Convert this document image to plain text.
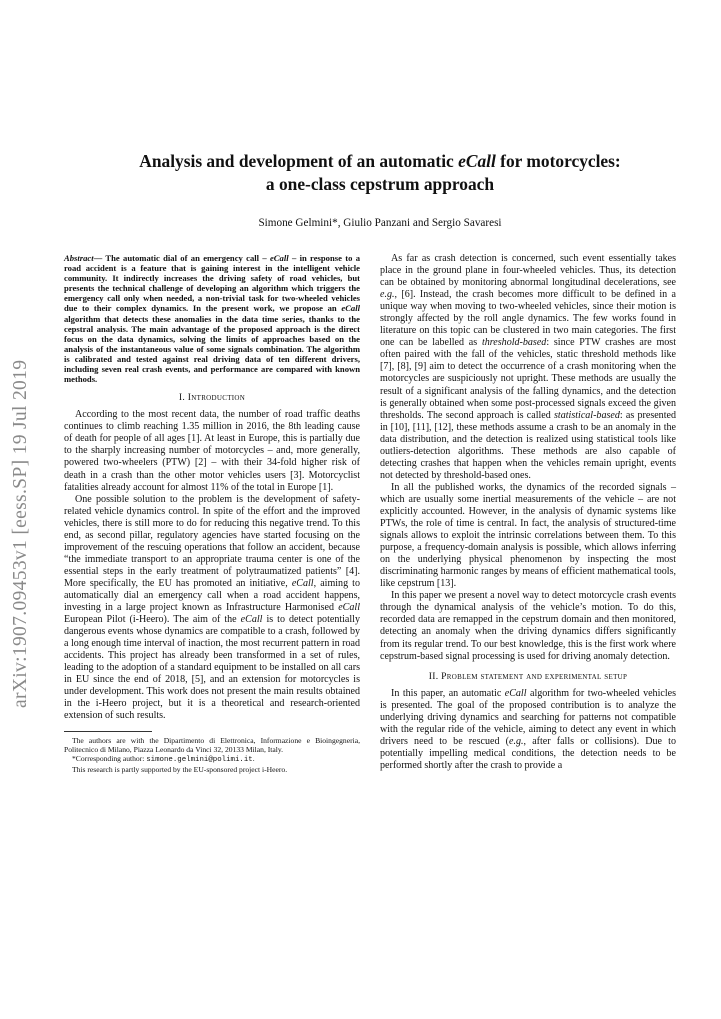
arXiv:1907.09453v1 [eess.SP] 19 Jul 2019
Analysis and development of an automatic eCall for motorcycles:
a one-class cepstrum approach
Simone Gelmini*, Giulio Panzani and Sergio Savaresi
Abstract— The automatic dial of an emergency call – eCall – in response to a road accident is a feature that is gaining interest in the intelligent vehicle community. It indirectly increases the driving safety of road vehicles, but presents the technical challenge of developing an algorithm which triggers the emergency call only when needed, a non-trivial task for two-wheeled vehicles due to their complex dynamics. In the present work, we propose an eCall algorithm that detects these anomalies in the data time series, thanks to the cepstral analysis. The main advantage of the proposed approach is the direct focus on the data dynamics, solving the limits of approaches based on the analysis of the instantaneous value of some signals combination. The algorithm is calibrated and tested against real driving data of ten different drivers, including seven real crash events, and performance are compared with known methods.
I. Introduction

According to the most recent data, the number of road traffic deaths continues to climb reaching 1.35 million in 2016, the 8th leading cause of death for people of all ages [1]. At least in Europe, this is partially due to the sharply increasing number of motorcycles – and, more generally, powered two-wheelers (PTW) [2] – with their 34-fold higher risk of death in a crash than the other motor vehicles users [3]. Motorcyclist fatalities already account for almost 11% of the total in Europe [1].

One possible solution to the problem is the development of safety-related vehicle dynamics control. In spite of the effort and the improved vehicles, there is still more to do for reducing this negative trend. To this end, as second pillar, regulatory agencies have started focusing on the improvement of the rescuing operations that follow an accident, because “the immediate transport to an appropriate trauma center is one of the essential steps in the early treatment of polytraumatized patients” [4]. More specifically, the EU has promoted an initiative, eCall, aiming to automatically dial an emergency call when a road accident happens, investing in a large project known as Infrastructure Harmonised eCall European Pilot (i-Heero). The aim of the eCall is to detect potentially dangerous events whose dynamics are compatible to a crash, followed by a long enough time interval of inaction, the most recurrent pattern in road accidents. This project has already been transformed in a set of rules, leading to the adoption of a standard equipment to be installed on all cars in EU since the end of 2018, [5], and an extension for motorcycles is under development. This work does not present the main results obtained in the i-Heero project, but it is a theoretical and research-oriented extension of such results.

The authors are with the Dipartimento di Elettronica, Informazione e Bioingegneria, Politecnico di Milano, Piazza Leonardo da Vinci 32, 20133 Milan, Italy.
*Corresponding author: simone.gelmini@polimi.it.
This research is partly supported by the EU-sponsored project i-Heero.

As far as crash detection is concerned, such event essentially takes place in the ground plane in four-wheeled vehicles. Thus, its detection can be obtained by monitoring abnormal longitudinal decelerations, see e.g., [6]. Instead, the crash becomes more difficult to be defined in a unique way when moving to two-wheeled vehicles, since their motion is strongly affected by the roll angle dynamics. The few works found in literature on this topic can be clustered in two main categories. The first one can be labelled as threshold-based: since PTW crashes are most often paired with the fall of the vehicles, static threshold methods like [7], [8], [9] aim to detect the occurrence of a crash monitoring when the motorcycles are suspiciously not upright. These methods are usually the result of a significant analysis of the falling dynamics, and the detection is generally obtained when some post-processed signals exceed the given thresholds. The second approach is called statistical-based: as presented in [10], [11], [12], these methods assume a crash to be an anomaly in the data distribution, and the detection is realized using statistical tools like outliers-detection algorithms. These methods are also capable of detecting crashes that happen when the vehicles remain upright, events not detected by threshold-based ones.

In all the published works, the dynamics of the recorded signals – which are usually some inertial measurements of the vehicle – are not explicitly accounted. However, in the analysis of dynamic systems like PTWs, the role of time is central. In fact, the analysis of structured-time signals allows to exploit the intrinsic correlations between them. To this purpose, a frequency-domain analysis is possible, which allows inferring on the underlying physical phenomenon by inspecting the most discriminating harmonic ranges by means of efficient mathematical tools, like cepstrum [13].

In this paper we present a novel way to detect motorcycle crash events through the dynamical analysis of the vehicle’s motion. To do this, recorded data are remapped in the cepstrum domain and then monitored, detecting an anomaly when the driving dynamics differs significantly from its regular trend. To our best knowledge, this is the first work where cepstrum-based signal processing is used for driving anomaly detection.

II. Problem statement and experimental setup

In this paper, an automatic eCall algorithm for two-wheeled vehicles is presented. The goal of the proposed contribution is to analyze the underlying driving dynamics and searching for patterns not compatible with the regular ride of the vehicle, aiming to detect any event in which drivers need to be rescued (e.g., after falls or collisions). Due to potentially impelling medical conditions, the detection needs to be performed shortly after the crash to provide a
